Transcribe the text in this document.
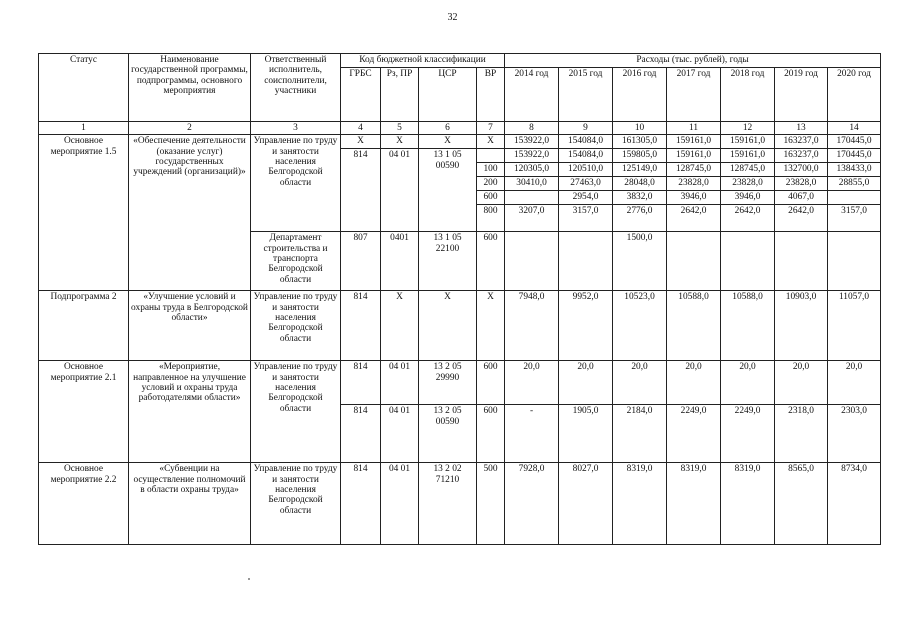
32
Статус	Наименование государственной программы, подпрограммы, основного мероприятия	Ответственный исполнитель, соисполнители, участники	Код бюджетной классификации				Расходы (тыс. рублей), годы						
			ГРБС	Рз, ПР	ЦСР	ВР	2014 год	2015 год	2016 год	2017 год	2018 год	2019 год	2020 год
1	2	3	4	5	6	7	8	9	10	11	12	13	14
Основное мероприятие 1.5	«Обеспечение деятельности (оказание услуг) государственных учреждений (организаций)»	Управление по труду и занятости населения Белгородской области	Х	Х	Х	Х	153922,0	154084,0	161305,0	159161,0	159161,0	163237,0	170445,0
			814	04 01	13 1 05 00590		153922,0	154084,0	159805,0	159161,0	159161,0	163237,0	170445,0
						100	120305,0	120510,0	125149,0	128745,0	128745,0	132700,0	138433,0
						200	30410,0	27463,0	28048,0	23828,0	23828,0	23828,0	28855,0
						600		2954,0	3832,0	3946,0	3946,0	4067,0	
						800	3207,0	3157,0	2776,0	2642,0	2642,0	2642,0	3157,0
		Департамент строительства и транспорта Белгородской области	807	0401	13 1 05 22100	600			1500,0				
Подпрограмма 2	«Улучшение условий и охраны труда в Белгородской области»	Управление по труду и занятости населения Белгородской области	814	Х	Х	Х	7948,0	9952,0	10523,0	10588,0	10588,0	10903,0	11057,0
Основное мероприятие 2.1	«Мероприятие, направленное на улучшение условий и охраны труда работодателями области»	Управление по труду и занятости населения Белгородской области	814	04 01	13 2 05 29990	600	20,0	20,0	20,0	20,0	20,0	20,0	20,0
			814	04 01	13 2 05 00590	600	-	1905,0	2184,0	2249,0	2249,0	2318,0	2303,0
Основное мероприятие 2.2	«Субвенции на осуществление полномочий в области охраны труда»	Управление по труду и занятости населения Белгородской области	814	04 01	13 2 02 71210	500	7928,0	8027,0	8319,0	8319,0	8319,0	8565,0	8734,0
